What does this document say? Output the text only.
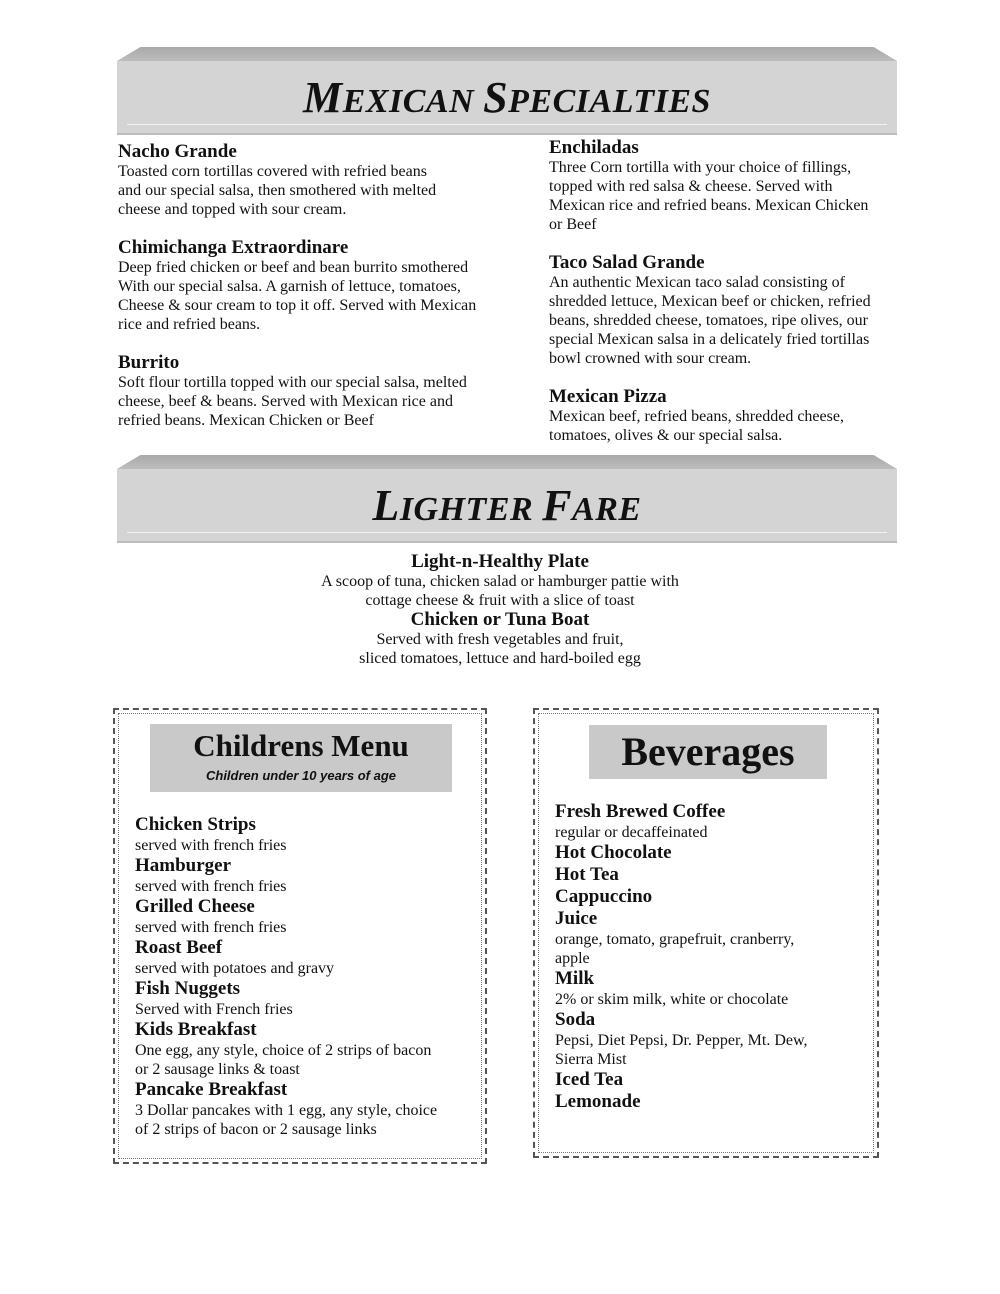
MEXICAN SPECIALTIES

Nacho Grande

Toasted corn tortillas covered with refried beans
and our special salsa, then smothered with melted
cheese and topped with sour cream.

Chimichanga Extraordinare

Deep fried chicken or beef and bean burrito smothered
With our special salsa. A garnish of lettuce, tomatoes,
Cheese & sour cream to top it off. Served with Mexican
rice and refried beans.

Burrito

Soft flour tortilla topped with our special salsa, melted
cheese, beef & beans. Served with Mexican rice and
refried beans. Mexican Chicken or Beef

Enchiladas

Three Corn tortilla with your choice of fillings,
topped with red salsa & cheese. Served with
Mexican rice and refried beans. Mexican Chicken
or Beef

Taco Salad Grande

An authentic Mexican taco salad consisting of
shredded lettuce, Mexican beef or chicken, refried
beans, shredded cheese, tomatoes, ripe olives, our
special Mexican salsa in a delicately fried tortillas
bowl crowned with sour cream.

Mexican Pizza

Mexican beef, refried beans, shredded cheese,
tomatoes, olives & our special salsa.

LIGHTER FARE

Light-n-Healthy Plate

A scoop of tuna, chicken salad or hamburger pattie with
cottage cheese & fruit with a slice of toast

Chicken or Tuna Boat

Served with fresh vegetables and fruit,
sliced tomatoes, lettuce and hard-boiled egg

Childrens Menu
Children under 10 years of age

Chicken Strips

served with french fries

Hamburger

served with french fries

Grilled Cheese

served with french fries

Roast Beef

served with potatoes and gravy

Fish Nuggets

Served with French fries

Kids Breakfast

One egg, any style, choice of 2 strips of bacon
or 2 sausage links & toast

Pancake Breakfast

3 Dollar pancakes with 1 egg, any style, choice
of 2 strips of bacon or 2 sausage links

Beverages

Fresh Brewed Coffee

regular or decaffeinated

Hot Chocolate

Hot Tea

Cappuccino

Juice

orange, tomato, grapefruit, cranberry,
apple

Milk

2% or skim milk, white or chocolate

Soda

Pepsi, Diet Pepsi, Dr. Pepper, Mt. Dew,
Sierra Mist

Iced Tea

Lemonade
